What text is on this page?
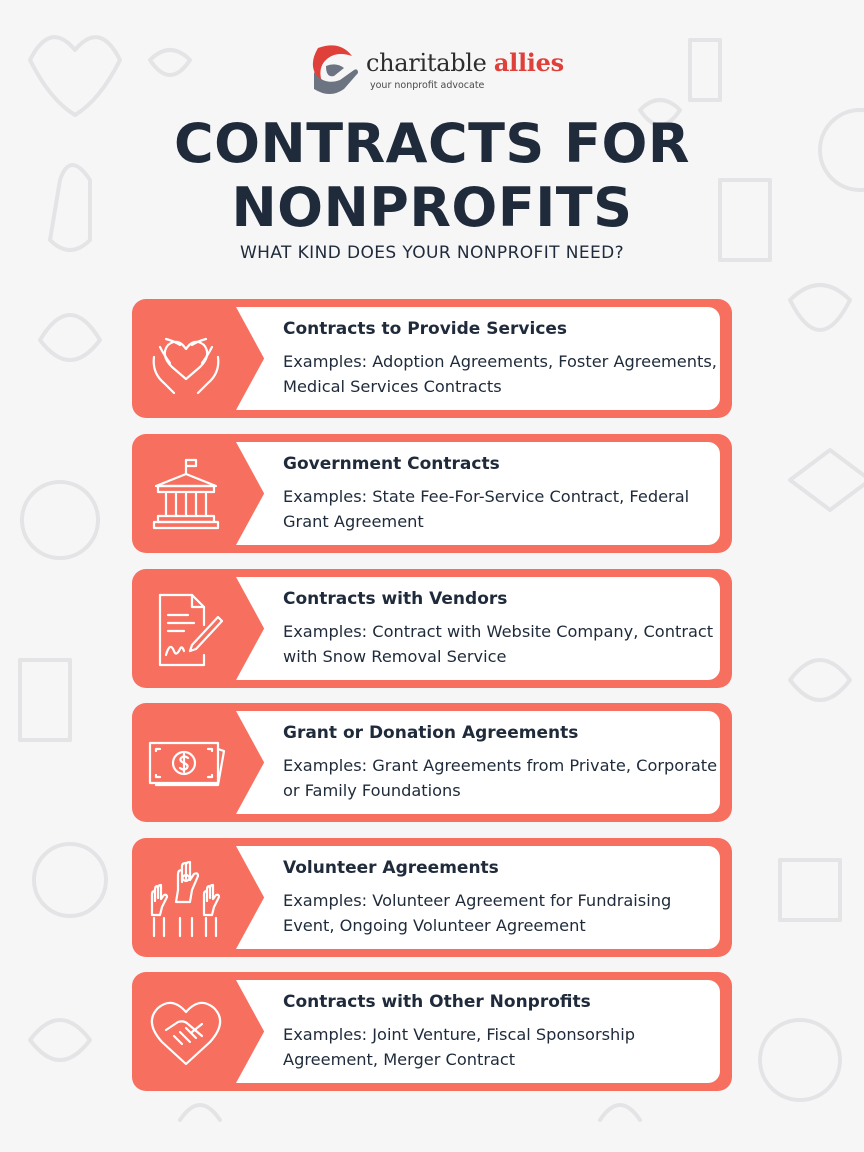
charitable allies
your nonprofit advocate
CONTRACTS FOR
NONPROFITS
WHAT KIND DOES YOUR NONPROFIT NEED?
Contracts to Provide Services
Examples: Adoption Agreements, Foster Agreements, Medical Services Contracts
Government Contracts
Examples: State Fee-For-Service Contract, Federal Grant Agreement
Contracts with Vendors
Examples: Contract with Website Company, Contract with Snow Removal Service
Grant or Donation Agreements
Examples: Grant Agreements from Private, Corporate or Family Foundations
Volunteer Agreements
Examples: Volunteer Agreement for Fundraising Event, Ongoing Volunteer Agreement
Contracts with Other Nonprofits
Examples: Joint Venture, Fiscal Sponsorship Agreement, Merger Contract
